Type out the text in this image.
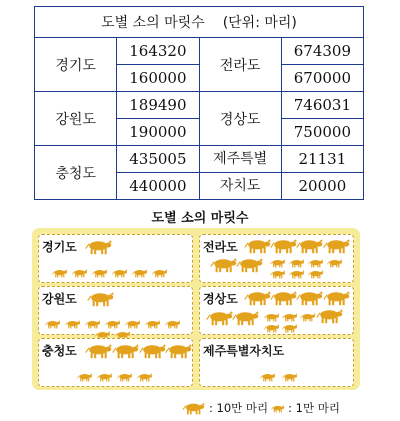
도별 소의 마릿수 (단위: 마리)			
경기도	164320	전라도	674309
	160000		670000
강원도	189490	경상도	746031
	190000		750000
충청도	435005	제주특별	21131
	440000	자치도	20000
도별 소의 마릿수
경기도	전라도
강원도	경상도
충청도	제주특별자치도
: 10만 마리 : 1만 마리
